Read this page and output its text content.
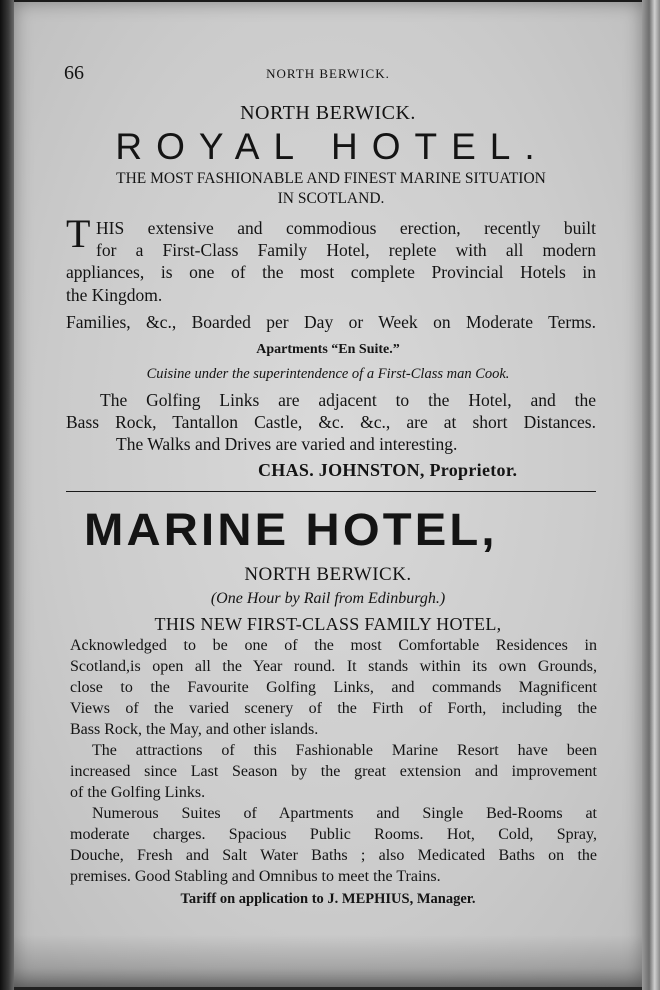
66	NORTH BERWICK.
NORTH BERWICK.
ROYAL HOTEL.
THE MOST FASHIONABLE AND FINEST MARINE SITUATION
IN SCOTLAND.
T HIS extensive and commodious erection, recently built
for a First-Class Family Hotel, replete with all modern
appliances, is one of the most complete Provincial Hotels in
the Kingdom.
Families, &c., Boarded per Day or Week on Moderate Terms.
Apartments “En Suite.”
Cuisine under the superintendence of a First-Class man Cook.
The Golfing Links are adjacent to the Hotel, and the
Bass Rock, Tantallon Castle, &c. &c., are at short Distances.
The Walks and Drives are varied and interesting.
CHAS. JOHNSTON, Proprietor.
MARINE HOTEL,
NORTH BERWICK.
(One Hour by Rail from Edinburgh.)
THIS NEW FIRST-CLASS FAMILY HOTEL,
Acknowledged to be one of the most Comfortable Residences in
Scotland,is open all the Year round. It stands within its own Grounds,
close to the Favourite Golfing Links, and commands Magnificent
Views of the varied scenery of the Firth of Forth, including the
Bass Rock, the May, and other islands.
The attractions of this Fashionable Marine Resort have been
increased since Last Season by the great extension and improvement
of the Golfing Links.
Numerous Suites of Apartments and Single Bed-Rooms at
moderate charges. Spacious Public Rooms. Hot, Cold, Spray,
Douche, Fresh and Salt Water Baths ; also Medicated Baths on the
premises. Good Stabling and Omnibus to meet the Trains.
Tariff on application to J. MEPHIUS, Manager.
